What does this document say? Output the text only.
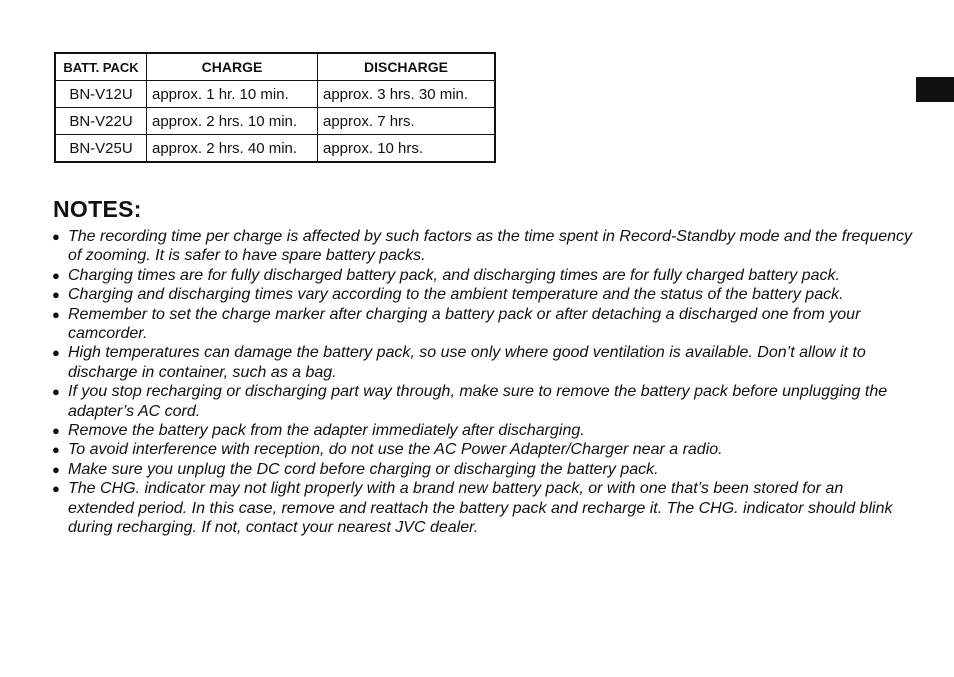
BATT. PACK	CHARGE	DISCHARGE
BN-V12U	approx. 1 hr. 10 min.	approx. 3 hrs. 30 min.
BN-V22U	approx. 2 hrs. 10 min.	approx. 7 hrs.
BN-V25U	approx. 2 hrs. 40 min.	approx. 10 hrs.
NOTES:
● The recording time per charge is affected by such factors as the time spent in Record-Standby mode and the frequency of zooming. It is safer to have spare battery packs.
● Charging times are for fully discharged battery pack, and discharging times are for fully charged battery pack.
● Charging and discharging times vary according to the ambient temperature and the status of the battery pack.
● Remember to set the charge marker after charging a battery pack or after detaching a discharged one from your camcorder.
● High temperatures can damage the battery pack, so use only where good ventilation is available. Don’t allow it to discharge in container, such as a bag.
● If you stop recharging or discharging part way through, make sure to remove the battery pack before unplugging the adapter’s AC cord.
● Remove the battery pack from the adapter immediately after discharging.
● To avoid interference with reception, do not use the AC Power Adapter/Charger near a radio.
● Make sure you unplug the DC cord before charging or discharging the battery pack.
● The CHG. indicator may not light properly with a brand new battery pack, or with one that’s been stored for an extended period. In this case, remove and reattach the battery pack and recharge it. The CHG. indicator should blink during recharging. If not, contact your nearest JVC dealer.
